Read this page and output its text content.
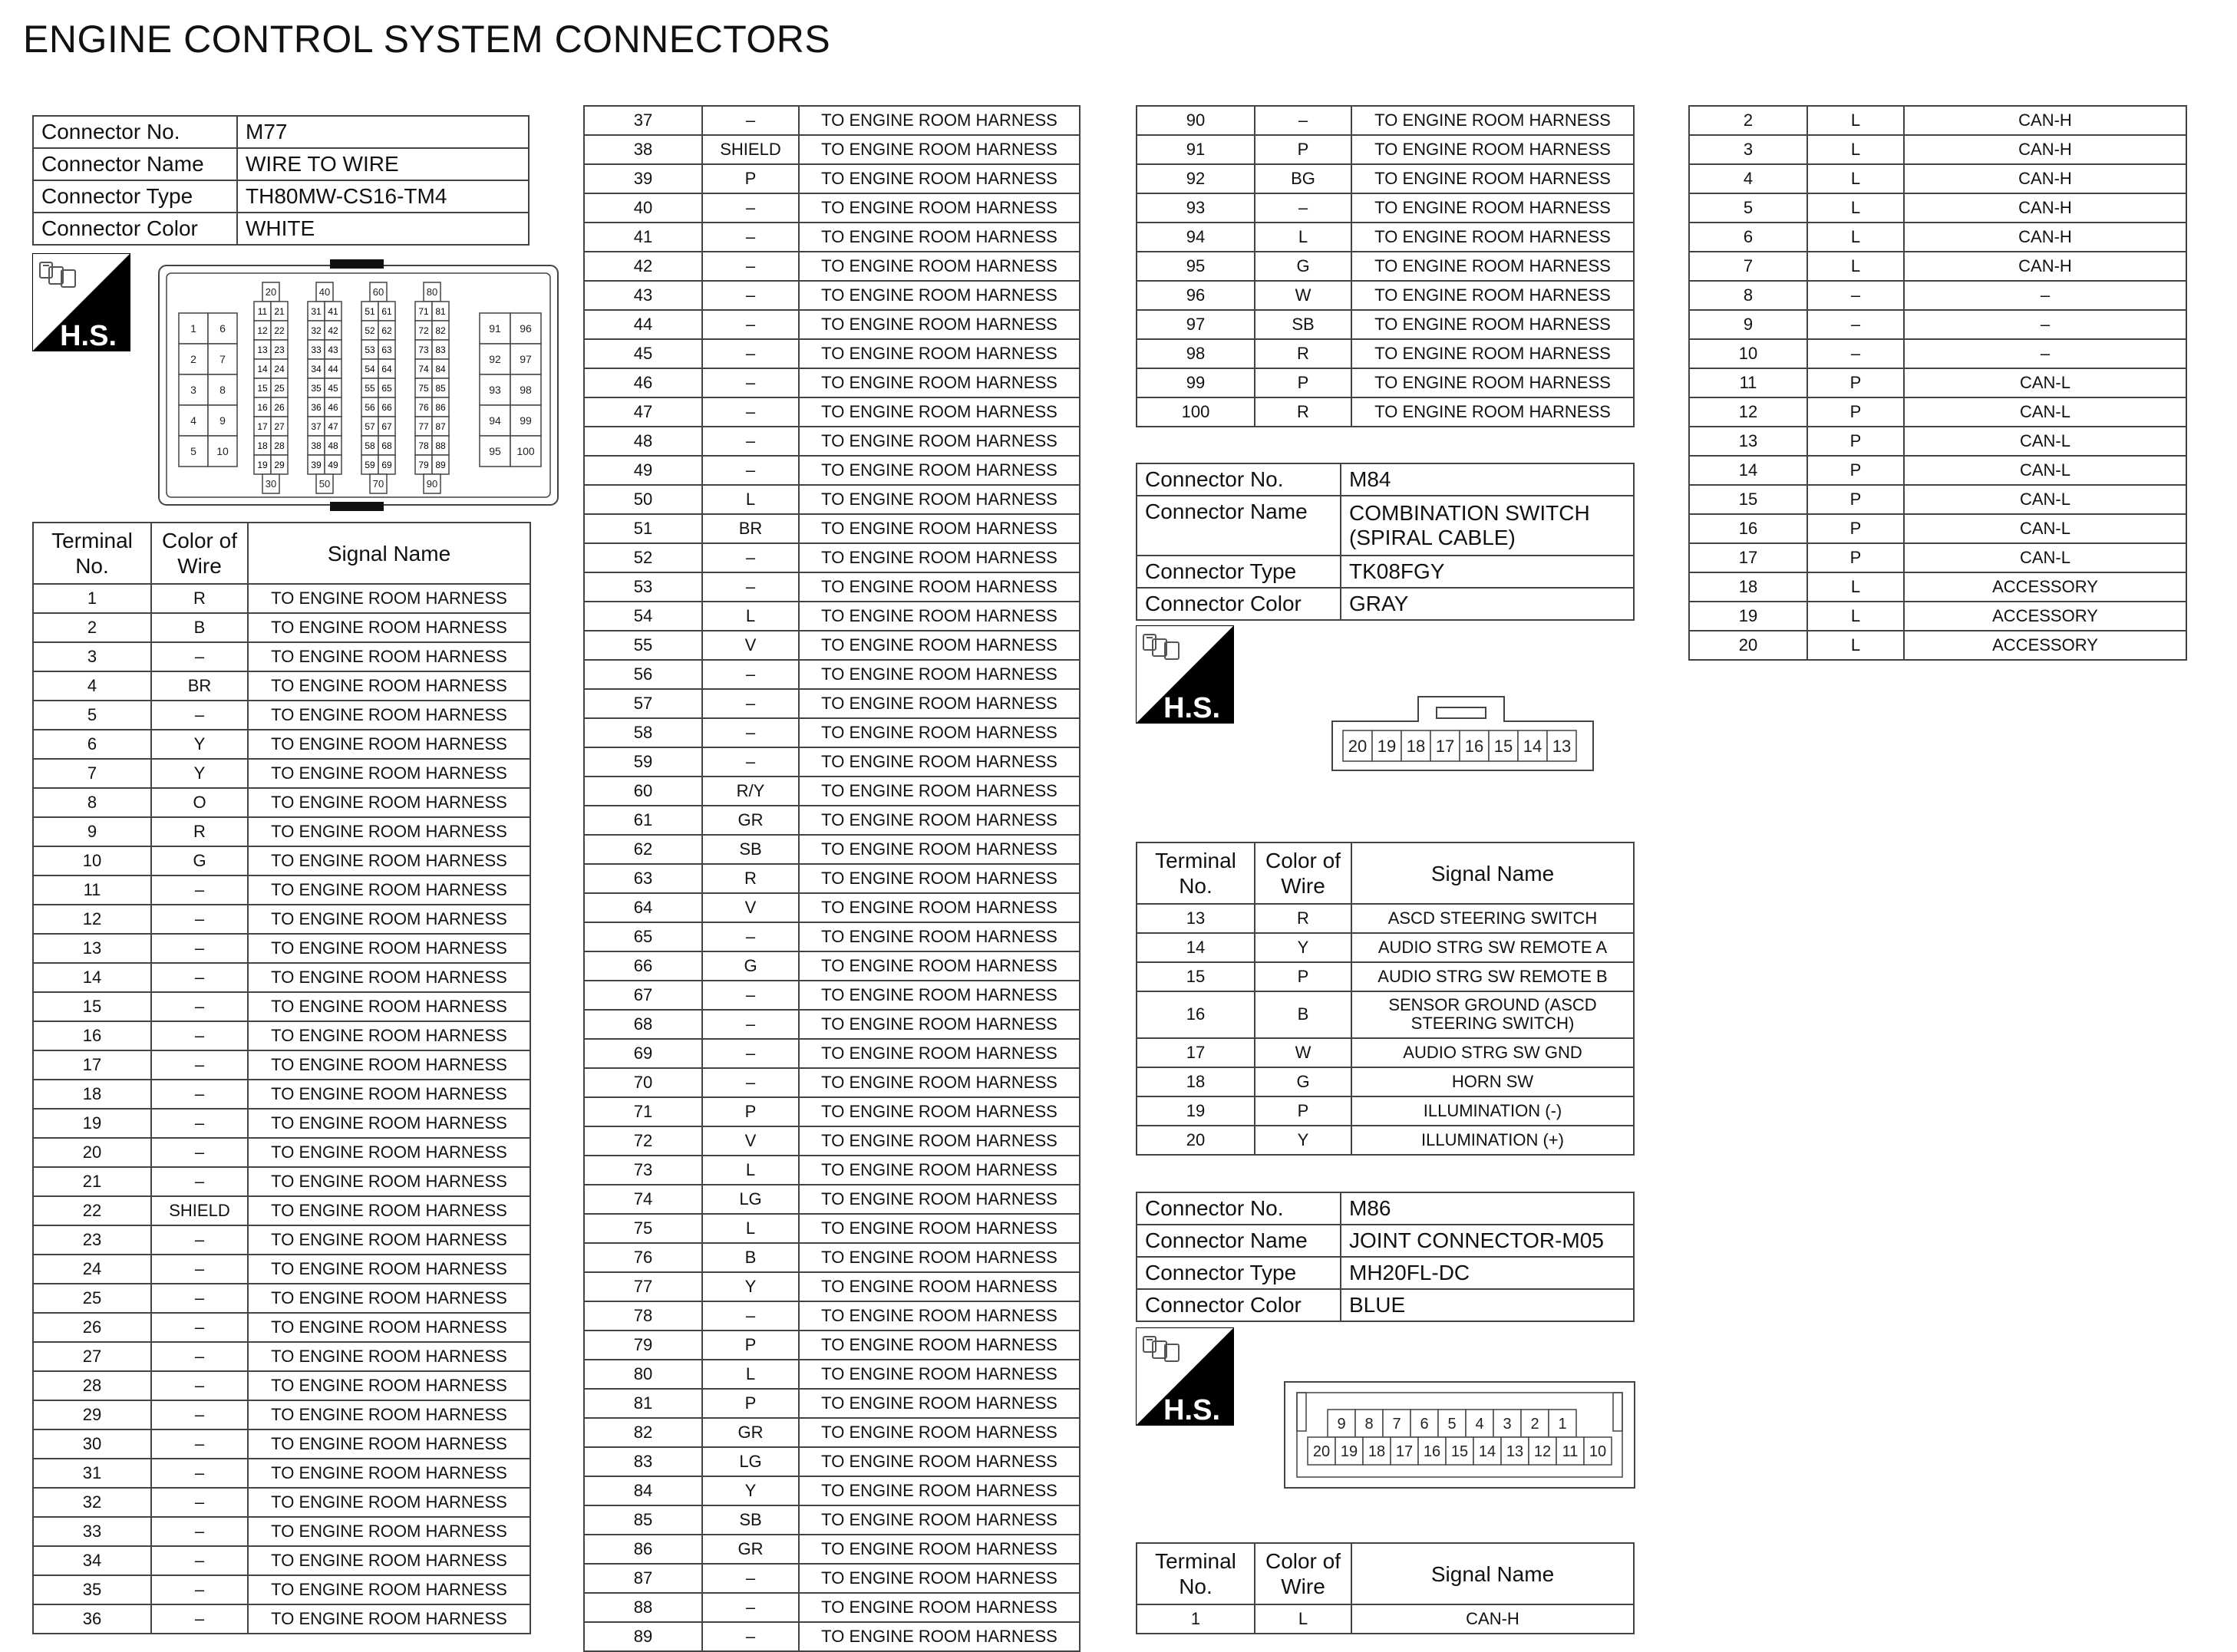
ENGINE CONTROL SYSTEM CONNECTORS
Connector No.	M77
Connector Name	WIRE TO WIRE
Connector Type	TH80MW-CS16-TM4
Connector Color	WHITE
H.S.
20
11 21
12 22
13 23
14 24
15 25
16 26
17 27
18 28
19 29
30
40
31 41
32 42
33 43
34 44
35 45
36 46
37 47
38 48
39 49
50
60
51 61
52 62
53 63
54 64
55 65
56 66
57 67
58 68
59 69
70
80
71 81
72 82
73 83
74 84
75 85
76 86
77 87
78 88
79 89
90
1 6
2 7
3 8
4 9
5 10
91 96
92 97
93 98
94 99
95 100
Terminal No.	Color of Wire	Signal Name
1	R	TO ENGINE ROOM HARNESS
2	B	TO ENGINE ROOM HARNESS
3	–	TO ENGINE ROOM HARNESS
4	BR	TO ENGINE ROOM HARNESS
5	–	TO ENGINE ROOM HARNESS
6	Y	TO ENGINE ROOM HARNESS
7	Y	TO ENGINE ROOM HARNESS
8	O	TO ENGINE ROOM HARNESS
9	R	TO ENGINE ROOM HARNESS
10	G	TO ENGINE ROOM HARNESS
11	–	TO ENGINE ROOM HARNESS
12	–	TO ENGINE ROOM HARNESS
13	–	TO ENGINE ROOM HARNESS
14	–	TO ENGINE ROOM HARNESS
15	–	TO ENGINE ROOM HARNESS
16	–	TO ENGINE ROOM HARNESS
17	–	TO ENGINE ROOM HARNESS
18	–	TO ENGINE ROOM HARNESS
19	–	TO ENGINE ROOM HARNESS
20	–	TO ENGINE ROOM HARNESS
21	–	TO ENGINE ROOM HARNESS
22	SHIELD	TO ENGINE ROOM HARNESS
23	–	TO ENGINE ROOM HARNESS
24	–	TO ENGINE ROOM HARNESS
25	–	TO ENGINE ROOM HARNESS
26	–	TO ENGINE ROOM HARNESS
27	–	TO ENGINE ROOM HARNESS
28	–	TO ENGINE ROOM HARNESS
29	–	TO ENGINE ROOM HARNESS
30	–	TO ENGINE ROOM HARNESS
31	–	TO ENGINE ROOM HARNESS
32	–	TO ENGINE ROOM HARNESS
33	–	TO ENGINE ROOM HARNESS
34	–	TO ENGINE ROOM HARNESS
35	–	TO ENGINE ROOM HARNESS
36	–	TO ENGINE ROOM HARNESS
37	–	TO ENGINE ROOM HARNESS
38	SHIELD	TO ENGINE ROOM HARNESS
39	P	TO ENGINE ROOM HARNESS
40	–	TO ENGINE ROOM HARNESS
41	–	TO ENGINE ROOM HARNESS
42	–	TO ENGINE ROOM HARNESS
43	–	TO ENGINE ROOM HARNESS
44	–	TO ENGINE ROOM HARNESS
45	–	TO ENGINE ROOM HARNESS
46	–	TO ENGINE ROOM HARNESS
47	–	TO ENGINE ROOM HARNESS
48	–	TO ENGINE ROOM HARNESS
49	–	TO ENGINE ROOM HARNESS
50	L	TO ENGINE ROOM HARNESS
51	BR	TO ENGINE ROOM HARNESS
52	–	TO ENGINE ROOM HARNESS
53	–	TO ENGINE ROOM HARNESS
54	L	TO ENGINE ROOM HARNESS
55	V	TO ENGINE ROOM HARNESS
56	–	TO ENGINE ROOM HARNESS
57	–	TO ENGINE ROOM HARNESS
58	–	TO ENGINE ROOM HARNESS
59	–	TO ENGINE ROOM HARNESS
60	R/Y	TO ENGINE ROOM HARNESS
61	GR	TO ENGINE ROOM HARNESS
62	SB	TO ENGINE ROOM HARNESS
63	R	TO ENGINE ROOM HARNESS
64	V	TO ENGINE ROOM HARNESS
65	–	TO ENGINE ROOM HARNESS
66	G	TO ENGINE ROOM HARNESS
67	–	TO ENGINE ROOM HARNESS
68	–	TO ENGINE ROOM HARNESS
69	–	TO ENGINE ROOM HARNESS
70	–	TO ENGINE ROOM HARNESS
71	P	TO ENGINE ROOM HARNESS
72	V	TO ENGINE ROOM HARNESS
73	L	TO ENGINE ROOM HARNESS
74	LG	TO ENGINE ROOM HARNESS
75	L	TO ENGINE ROOM HARNESS
76	B	TO ENGINE ROOM HARNESS
77	Y	TO ENGINE ROOM HARNESS
78	–	TO ENGINE ROOM HARNESS
79	P	TO ENGINE ROOM HARNESS
80	L	TO ENGINE ROOM HARNESS
81	P	TO ENGINE ROOM HARNESS
82	GR	TO ENGINE ROOM HARNESS
83	LG	TO ENGINE ROOM HARNESS
84	Y	TO ENGINE ROOM HARNESS
85	SB	TO ENGINE ROOM HARNESS
86	GR	TO ENGINE ROOM HARNESS
87	–	TO ENGINE ROOM HARNESS
88	–	TO ENGINE ROOM HARNESS
89	–	TO ENGINE ROOM HARNESS
90	–	TO ENGINE ROOM HARNESS
91	P	TO ENGINE ROOM HARNESS
92	BG	TO ENGINE ROOM HARNESS
93	–	TO ENGINE ROOM HARNESS
94	L	TO ENGINE ROOM HARNESS
95	G	TO ENGINE ROOM HARNESS
96	W	TO ENGINE ROOM HARNESS
97	SB	TO ENGINE ROOM HARNESS
98	R	TO ENGINE ROOM HARNESS
99	P	TO ENGINE ROOM HARNESS
100	R	TO ENGINE ROOM HARNESS
Connector No.	M84
Connector Name	COMBINATION SWITCH
(SPIRAL CABLE)

Connector Type	TK08FGY
Connector Color	GRAY
H.S.
20 19 18 17 16 15 14 13
Terminal No.	Color of Wire	Signal Name
13	R	ASCD STEERING SWITCH
14	Y	AUDIO STRG SW REMOTE A
15	P	AUDIO STRG SW REMOTE B
16	B	SENSOR GROUND (ASCD
STEERING SWITCH)

17	W	AUDIO STRG SW GND
18	G	HORN SW
19	P	ILLUMINATION (-)
20	Y	ILLUMINATION (+)
Connector No.	M86
Connector Name	JOINT CONNECTOR-M05
Connector Type	MH20FL-DC
Connector Color	BLUE
H.S.	9 8 7 6 5 4 3 2 1
20 19 18 17 16 15 14 13 12 11 10
Terminal No.	Color of Wire	Signal Name
1	L	CAN-H
2	L	CAN-H
3	L	CAN-H
4	L	CAN-H
5	L	CAN-H
6	L	CAN-H
7	L	CAN-H
8	–	–
9	–	–
10	–	–
11	P	CAN-L
12	P	CAN-L
13	P	CAN-L
14	P	CAN-L
15	P	CAN-L
16	P	CAN-L
17	P	CAN-L
18	L	ACCESSORY
19	L	ACCESSORY
20	L	ACCESSORY
